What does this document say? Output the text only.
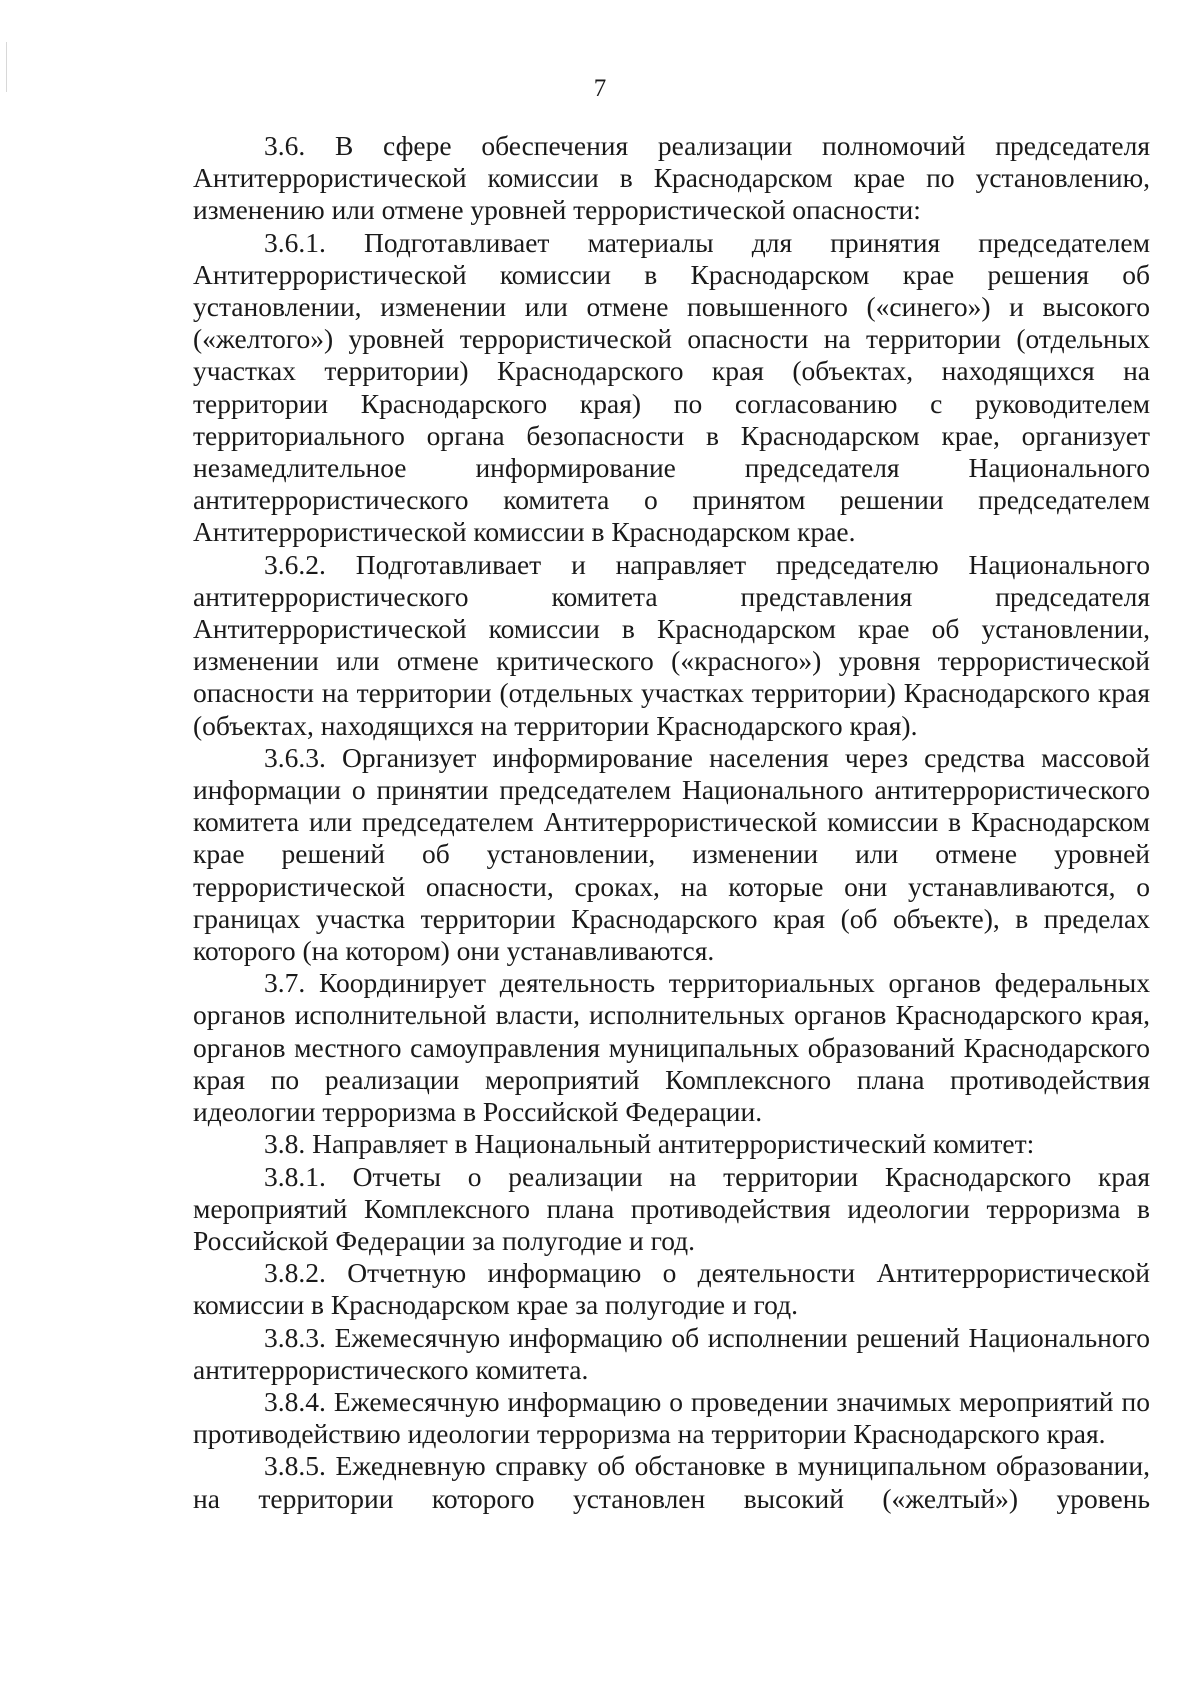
7

3.6. В сфере обеспечения реализации полномочий председателя Антитеррористической комиссии в Краснодарском крае по установлению, изменению или отмене уровней террористической опасности:

3.6.1. Подготавливает материалы для принятия председателем Антитеррористической комиссии в Краснодарском крае решения об установлении, изменении или отмене повышенного («синего») и высокого («желтого») уровней террористической опасности на территории (отдельных участках территории) Краснодарского края (объектах, находящихся на территории Краснодарского края) по согласованию с руководителем территориального органа безопасности в Краснодарском крае, организует незамедлительное информирование председателя Национального антитеррористического комитета о принятом решении председателем Антитеррористической комиссии в Краснодарском крае.

3.6.2. Подготавливает и направляет председателю Национального антитеррористического комитета представления председателя Антитеррористической комиссии в Краснодарском крае об установлении, изменении или отмене критического («красного») уровня террористической опасности на территории (отдельных участках территории) Краснодарского края (объектах, находящихся на территории Краснодарского края).

3.6.3. Организует информирование населения через средства массовой информации о принятии председателем Национального антитеррористического комитета или председателем Антитеррористической комиссии в Краснодарском крае решений об установлении, изменении или отмене уровней террористической опасности, сроках, на которые они устанавливаются, о границах участка территории Краснодарского края (об объекте), в пределах которого (на котором) они устанавливаются.

3.7. Координирует деятельность территориальных органов федеральных органов исполнительной власти, исполнительных органов Краснодарского края, органов местного самоуправления муниципальных образований Краснодарского края по реализации мероприятий Комплексного плана противодействия идеологии терроризма в Российской Федерации.

3.8. Направляет в Национальный антитеррористический комитет:

3.8.1. Отчеты о реализации на территории Краснодарского края мероприятий Комплексного плана противодействия идеологии терроризма в Российской Федерации за полугодие и год.

3.8.2. Отчетную информацию о деятельности Антитеррористической комиссии в Краснодарском крае за полугодие и год.

3.8.3. Ежемесячную информацию об исполнении решений Национального антитеррористического комитета.

3.8.4. Ежемесячную информацию о проведении значимых мероприятий по противодействию идеологии терроризма на территории Краснодарского края.

3.8.5. Ежедневную справку об обстановке в муниципальном образовании, на территории которого установлен высокий («желтый») уровень
